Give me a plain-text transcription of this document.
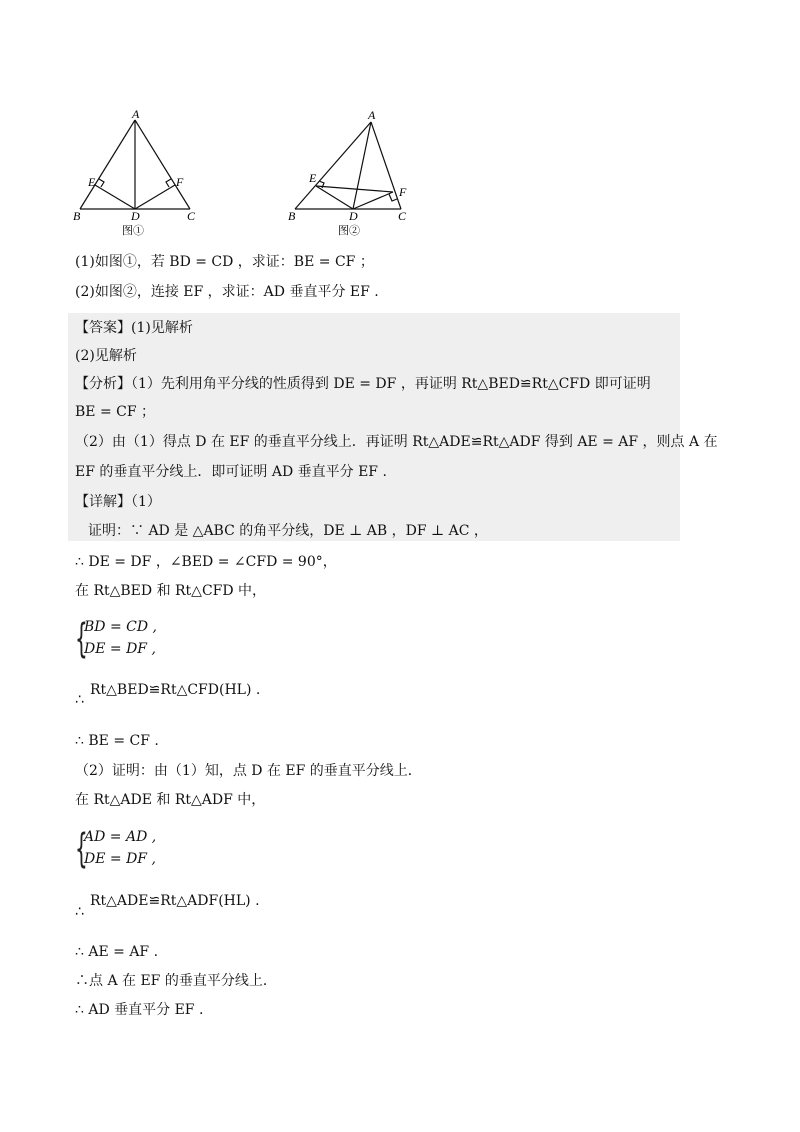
A
E	F
B	D	C
图①
A
E
F
B	D	C
图②
(1)如图①，若 BD = CD ，求证：BE = CF ；
(2)如图②，连接 EF ，求证：AD 垂直平分 EF .
【答案】(1)见解析
(2)见解析
【分析】（1）先利用角平分线的性质得到 DE = DF ，再证明 Rt△BED≌Rt△CFD 即可证明
BE = CF ；
（2）由（1）得点 D 在 EF 的垂直平分线上．再证明 Rt△ADE≌Rt△ADF 得到 AE = AF ，则点 A 在
EF 的垂直平分线上．即可证明 AD 垂直平分 EF .
【详解】（1）
证明：∵ AD 是 △ABC 的角平分线，DE ⊥ AB ，DF ⊥ AC ，
∴ DE = DF ，∠BED = ∠CFD = 90°，
在 Rt△BED 和 Rt△CFD 中，
{
BD = CD ,
DE = DF ,
∴
Rt△BED≌Rt△CFD(HL) .
∴ BE = CF .
（2）证明：由（1）知，点 D 在 EF 的垂直平分线上．
在 Rt△ADE 和 Rt△ADF 中，
{
AD = AD ,
DE = DF ,
∴
Rt△ADE≌Rt△ADF(HL) .
∴ AE = AF .
∴点 A 在 EF 的垂直平分线上．
∴ AD 垂直平分 EF .
